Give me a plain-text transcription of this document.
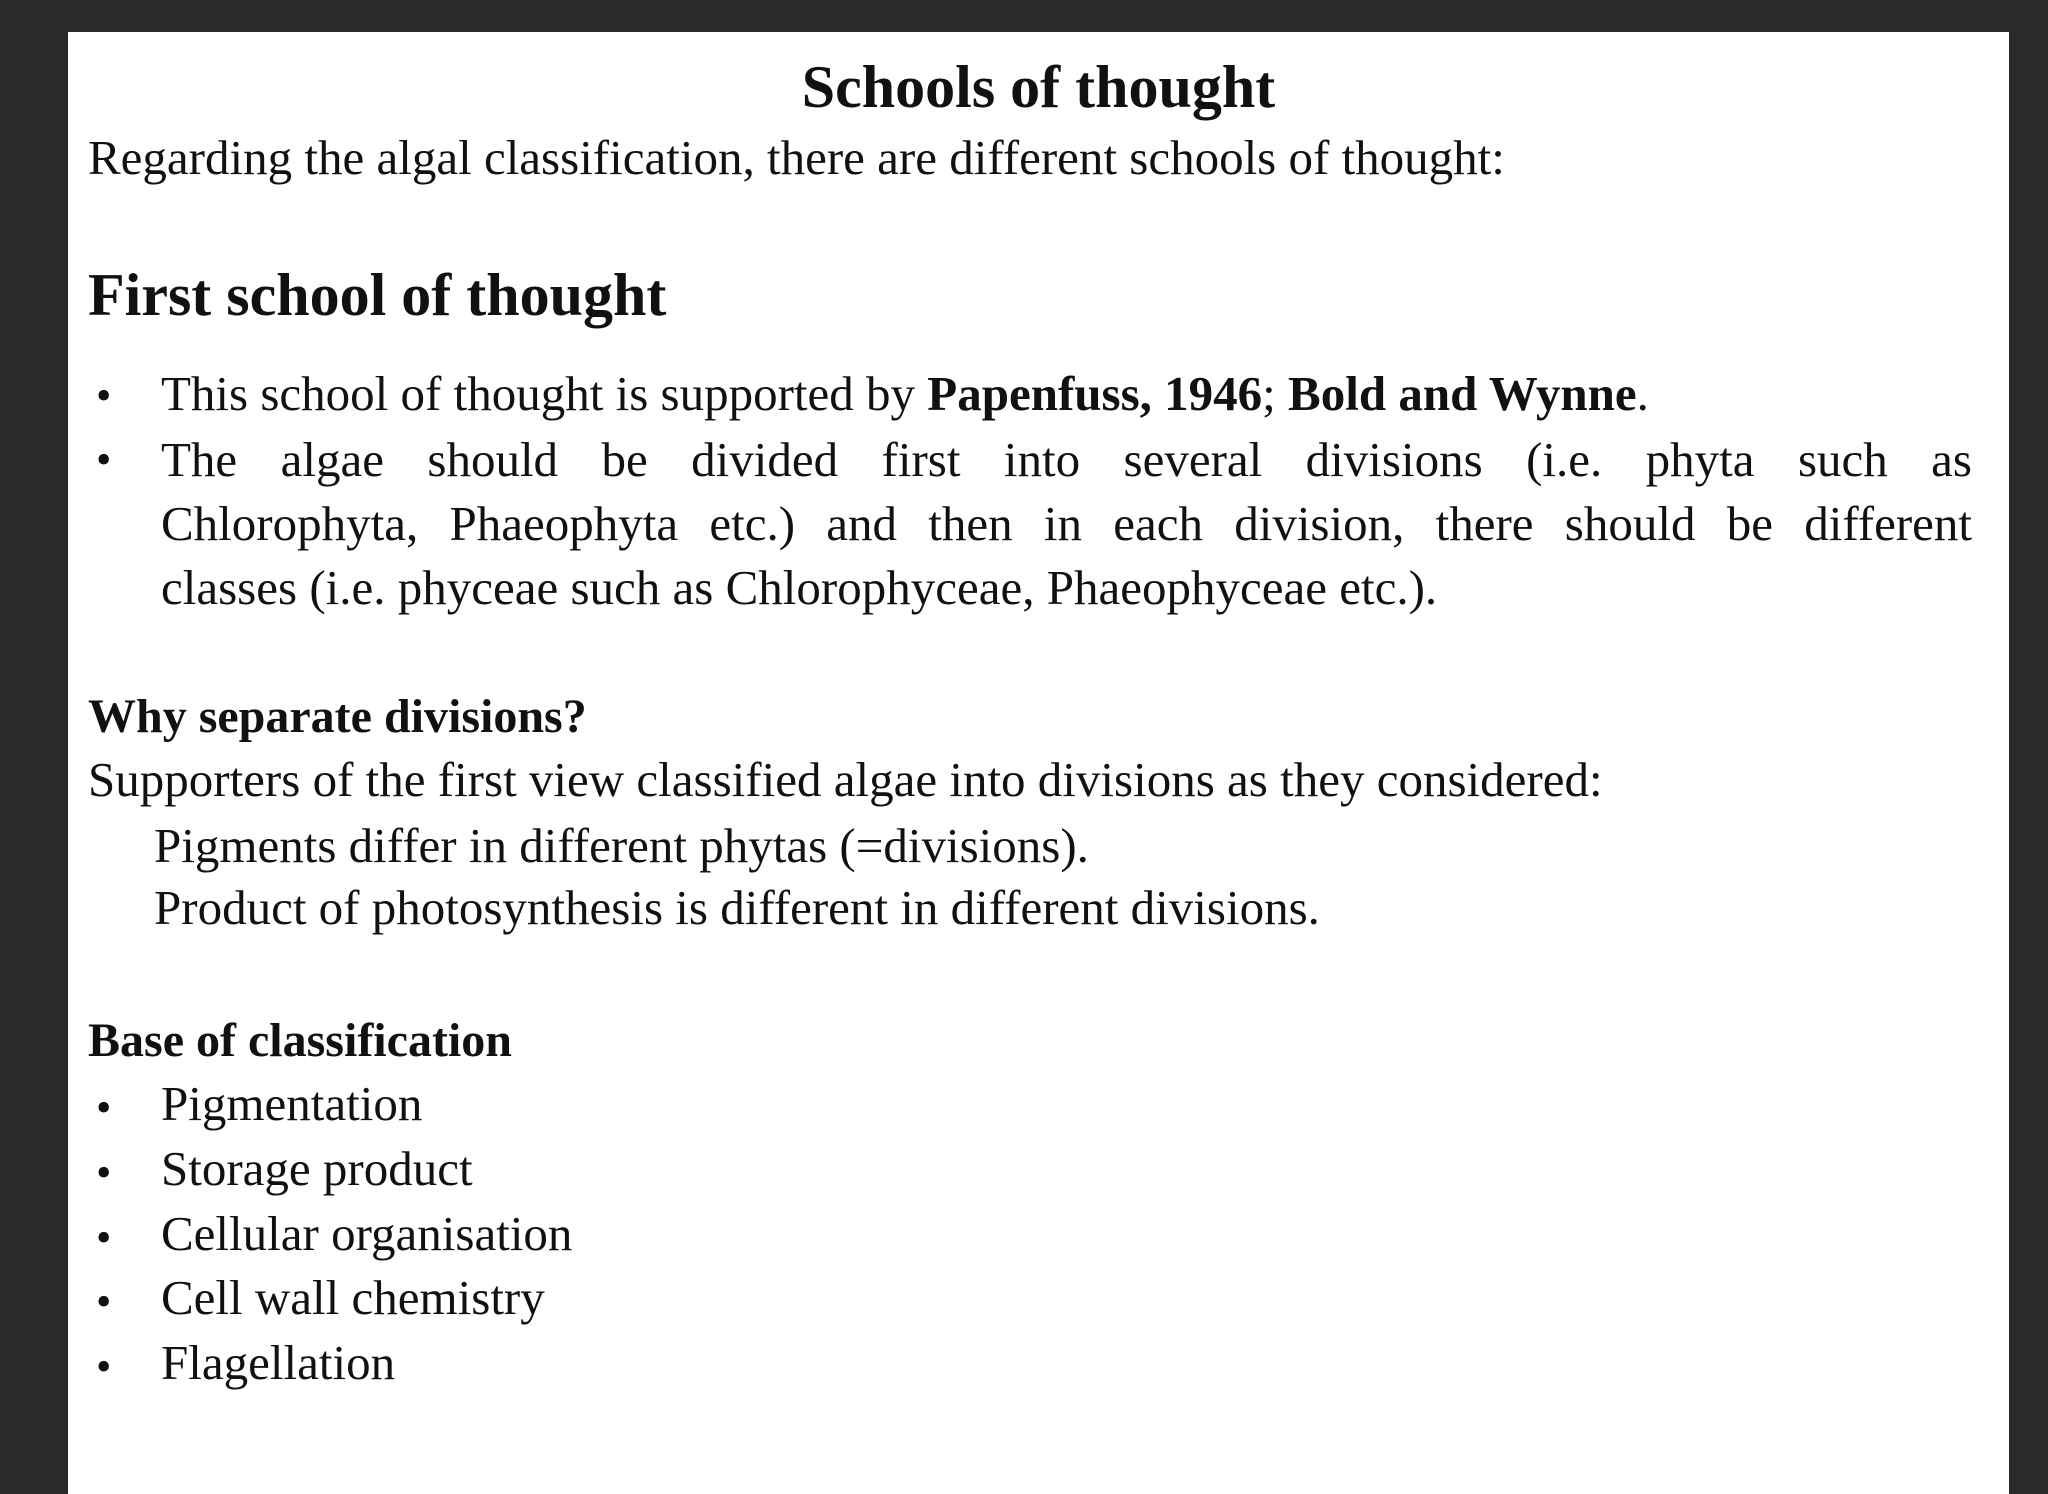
Schools of thought

Regarding the algal classification, there are different schools of thought:

First school of thought
• This school of thought is supported by Papenfuss, 1946; Bold and Wynne.

• The algae should be divided first into several divisions (i.e. phyta such as

Chlorophyta, Phaeophyta etc.) and then in each division, there should be different

classes (i.e. phyceae such as Chlorophyceae, Phaeophyceae etc.).

Why separate divisions?

Supporters of the first view classified algae into divisions as they considered:

Pigments differ in different phytas (=divisions).

Product of photosynthesis is different in different divisions.

Base of classification
• Pigmentation

• Storage product

• Cellular organisation

• Cell wall chemistry

• Flagellation
